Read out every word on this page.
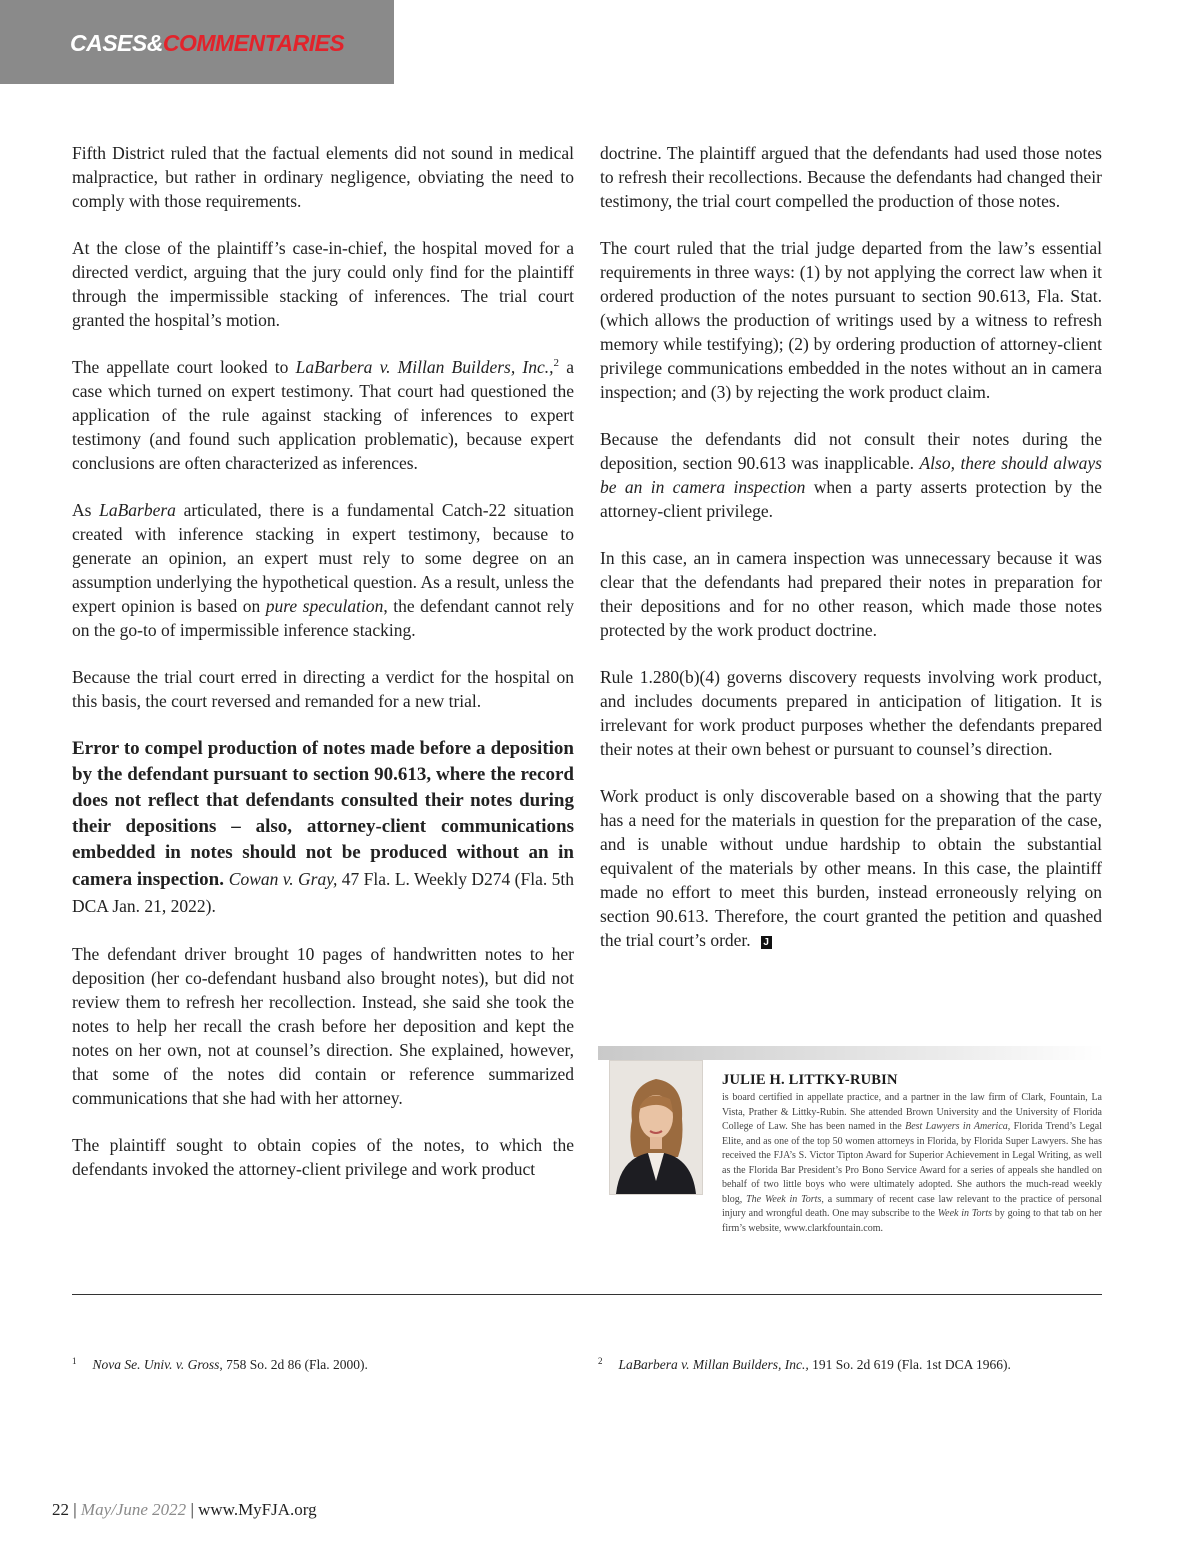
CASES&COMMENTARIES

Fifth District ruled that the factual elements did not sound in medical malpractice, but rather in ordinary negligence, obviating the need to comply with those requirements.

At the close of the plaintiff’s case-in-chief, the hospital moved for a directed verdict, arguing that the jury could only find for the plaintiff through the impermissible stacking of inferences. The trial court granted the hospital’s motion.

The appellate court looked to LaBarbera v. Millan Builders, Inc.,$^2$ a case which turned on expert testimony. That court had questioned the application of the rule against stacking of inferences to expert testimony (and found such application problematic), because expert conclusions are often characterized as inferences.

As LaBarbera articulated, there is a fundamental Catch-22 situation created with inference stacking in expert testimony, because to generate an opinion, an expert must rely to some degree on an assumption underlying the hypothetical question. As a result, unless the expert opinion is based on pure speculation, the defendant cannot rely on the go-to of impermissible inference stacking.

Because the trial court erred in directing a verdict for the hospital on this basis, the court reversed and remanded for a new trial.

Error to compel production of notes made before a deposition by the defendant pursuant to section 90.613, where the record does not reflect that defendants consulted their notes during their depositions – also, attorney-client communications embedded in notes should not be produced without an in camera inspection. Cowan v. Gray, 47 Fla. L. Weekly D274 (Fla. 5th DCA Jan. 21, 2022).

The defendant driver brought 10 pages of handwritten notes to her deposition (her co-defendant husband also brought notes), but did not review them to refresh her recollection. Instead, she said she took the notes to help her recall the crash before her deposition and kept the notes on her own, not at counsel’s direction. She explained, however, that some of the notes did contain or reference summarized communications that she had with her attorney.

The plaintiff sought to obtain copies of the notes, to which the defendants invoked the attorney-client privilege and work product

doctrine. The plaintiff argued that the defendants had used those notes to refresh their recollections. Because the defendants had changed their testimony, the trial court compelled the production of those notes.

The court ruled that the trial judge departed from the law’s essential requirements in three ways: (1) by not applying the correct law when it ordered production of the notes pursuant to section 90.613, Fla. Stat. (which allows the production of writings used by a witness to refresh memory while testifying); (2) by ordering production of attorney-client privilege communications embedded in the notes without an in camera inspection; and (3) by rejecting the work product claim.

Because the defendants did not consult their notes during the deposition, section 90.613 was inapplicable. Also, there should always be an in camera inspection when a party asserts protection by the attorney-client privilege.

In this case, an in camera inspection was unnecessary because it was clear that the defendants had prepared their notes in preparation for their depositions and for no other reason, which made those notes protected by the work product doctrine.

Rule 1.280(b)(4) governs discovery requests involving work product, and includes documents prepared in anticipation of litigation. It is irrelevant for work product purposes whether the defendants prepared their notes at their own behest or pursuant to counsel’s direction.

Work product is only discoverable based on a showing that the party has a need for the materials in question for the preparation of the case, and is unable without undue hardship to obtain the substantial equivalent of the materials by other means. In this case, the plaintiff made no effort to meet this burden, instead erroneously relying on section 90.613. Therefore, the court granted the petition and quashed the trial court’s order. J

JULIE H. LITTKY-RUBIN

is board certified in appellate practice, and a partner in the law firm of Clark, Fountain, La Vista, Prather & Littky-Rubin. She attended Brown University and the University of Florida College of Law. She has been named in the Best Lawyers in America, Florida Trend’s Legal Elite, and as one of the top 50 women attorneys in Florida, by Florida Super Lawyers. She has received the FJA’s S. Victor Tipton Award for Superior Achievement in Legal Writing, as well as the Florida Bar President’s Pro Bono Service Award for a series of appeals she handled on behalf of two little boys who were ultimately adopted. She authors the much-read weekly blog, The Week in Torts, a summary of recent case law relevant to the practice of personal injury and wrongful death. One may subscribe to the Week in Torts by going to that tab on her firm’s website, www.clarkfountain.com.

$^1$ Nova Se. Univ. v. Gross, 758 So. 2d 86 (Fla. 2000).	$^2$ LaBarbera v. Millan Builders, Inc., 191 So. 2d 619 (Fla. 1st DCA 1966).
22 | May/June 2022 | www.MyFJA.org
